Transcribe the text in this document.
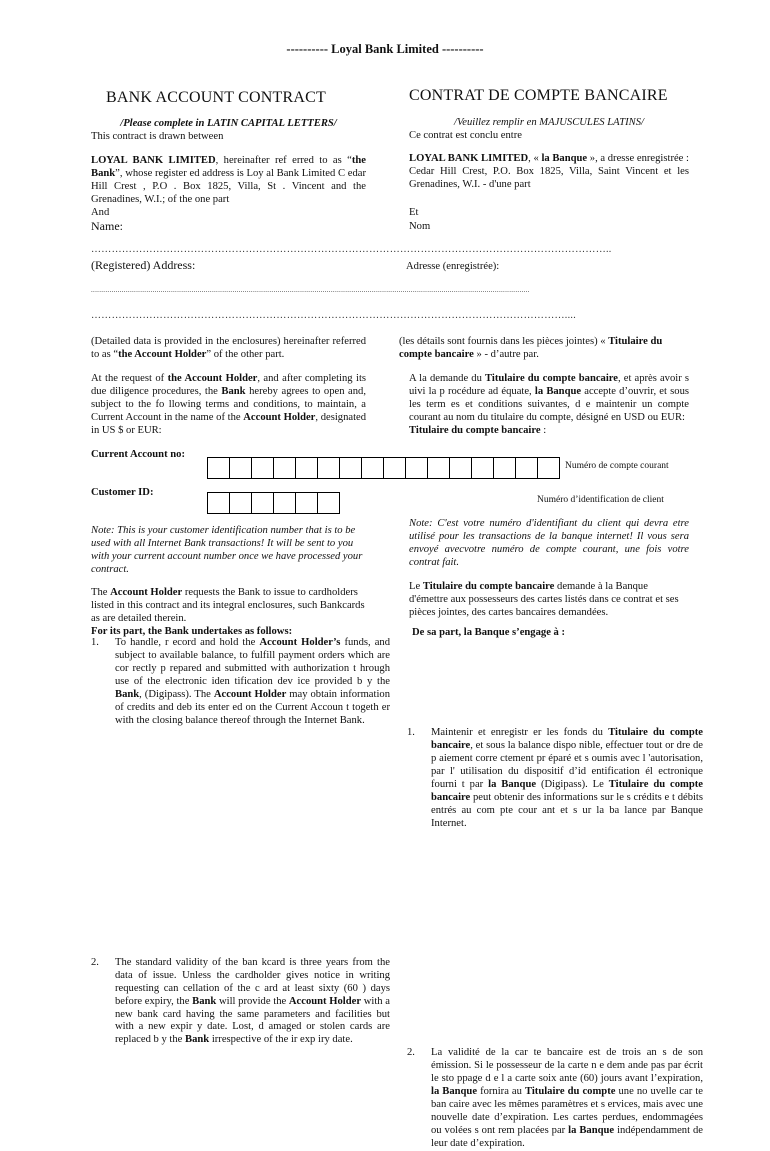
---------- Loyal Bank Limited ----------
BANK ACCOUNT CONTRACT	CONTRAT DE COMPTE BANCAIRE

/Please complete in LATIN CAPITAL LETTERS/

This contract is drawn between

/Veuillez remplir en MAJUSCULES LATINS/

Ce contrat est conclu entre

LOYAL BANK LIMITED, hereinafter ref erred to as “the Bank”, whose register ed address is Loy al Bank Limited C edar Hill Crest , P.O . Box 1825, Villa, St . Vincent and the Grenadines, W.I.; of the one part
LOYAL BANK LIMITED, « la Banque », a dresse enregistrée : Cedar Hill Crest, P.O. Box 1825, Villa, Saint Vincent et les Grenadines, W.I. - d'une part
And	Et
Name:	Nom
……………………………………………………………………………………………………………………………………..
(Registered) Address:	Adresse (enregistrée):
......................................................................................................................................................................................................................
…………………………………………………………………………………………………………………………....
(Detailed data is provided in the enclosures) hereinafter referred to as “the Account Holder” of the other part.
(les détails sont fournis dans les pièces jointes) « Titulaire du compte bancaire » - d’autre par.
At the request of the Account Holder, and after completing its due diligence procedures, the Bank hereby agrees to open and, subject to the fo llowing terms and conditions, to maintain, a Current Account in the name of the Account Holder, designated in US $ or EUR:
A la demande du Titulaire du compte bancaire, et après avoir s uivi la p rocédure ad équate, la Banque accepte d’ouvrir, et sous les term es et conditions suivantes, d e maintenir un compte courant au nom du titulaire du compte, désigné en USD ou EUR:
Titulaire du compte bancaire :
Current Account no:
Numéro de compte courant
Customer ID:
Numéro d’identification de client
Note: This is your customer identification number that is to be used with all Internet Bank transactions! It will be sent to you with your current account number once we have processed your contract.
Note: C'est votre numéro d'identifiant du client qui devra etre utilisé pour les transactions de la banque internet! Il vous sera envoyé avecvotre numéro de compte courant, une fois votre contrat fait.
The Account Holder requests the Bank to issue to cardholders listed in this contract and its integral enclosures, such Bankcards as are detailed therein.
For its part, the Bank undertakes as follows:
Le Titulaire du compte bancaire demande à la Banque d'émettre aux possesseurs des cartes listés dans ce contrat et ses pièces jointes, des cartes bancaires demandées.

De sa part, la Banque s’engage à :
1. To handle, r ecord and hold the Account Holder’s funds, and subject to available balance, to fulfill payment orders which are cor rectly p repared and submitted with authorization t hrough use of the electronic iden tification dev ice provided b y the Bank, (Digipass). The Account Holder may obtain information of credits and deb its enter ed on the Current Accoun t togeth er with the closing balance thereof through the Internet Bank.
1. Maintenir et enregistr er les fonds du Titulaire du compte bancaire, et sous la balance dispo nible, effectuer tout or dre de p aiement corre ctement pr éparé et s oumis avec l 'autorisation, par l' utilisation du dispositif d’id entification él ectronique fourni t par la Banque (Digipass). Le Titulaire du compte bancaire peut obtenir des informations sur le s crédits e t débits entrés au com pte cour ant et s ur la ba lance par Banque Internet.
2. The standard validity of the ban kcard is three years from the data of issue. Unless the cardholder gives notice in writing requesting can cellation of the c ard at least sixty (60 ) days before expiry, the Bank will provide the Account Holder with a new bank card having the same parameters and facilities but with a new expir y date. Lost, d amaged or stolen cards are replaced b y the Bank irrespective of the ir exp iry date.
2. La validité de la car te bancaire est de trois an s de son émission. Si le possesseur de la carte n e dem ande pas par écrit le sto ppage d e l a carte soix ante (60) jours avant l’expiration, la Banque fornira au Titulaire du compte une no uvelle car te ban caire avec les mêmes paramètres et s ervices, mais avec une nouvelle date d’expiration. Les cartes perdues, endommagées ou volées s ont rem placées par la Banque indépendamment de leur date d’expiration.
